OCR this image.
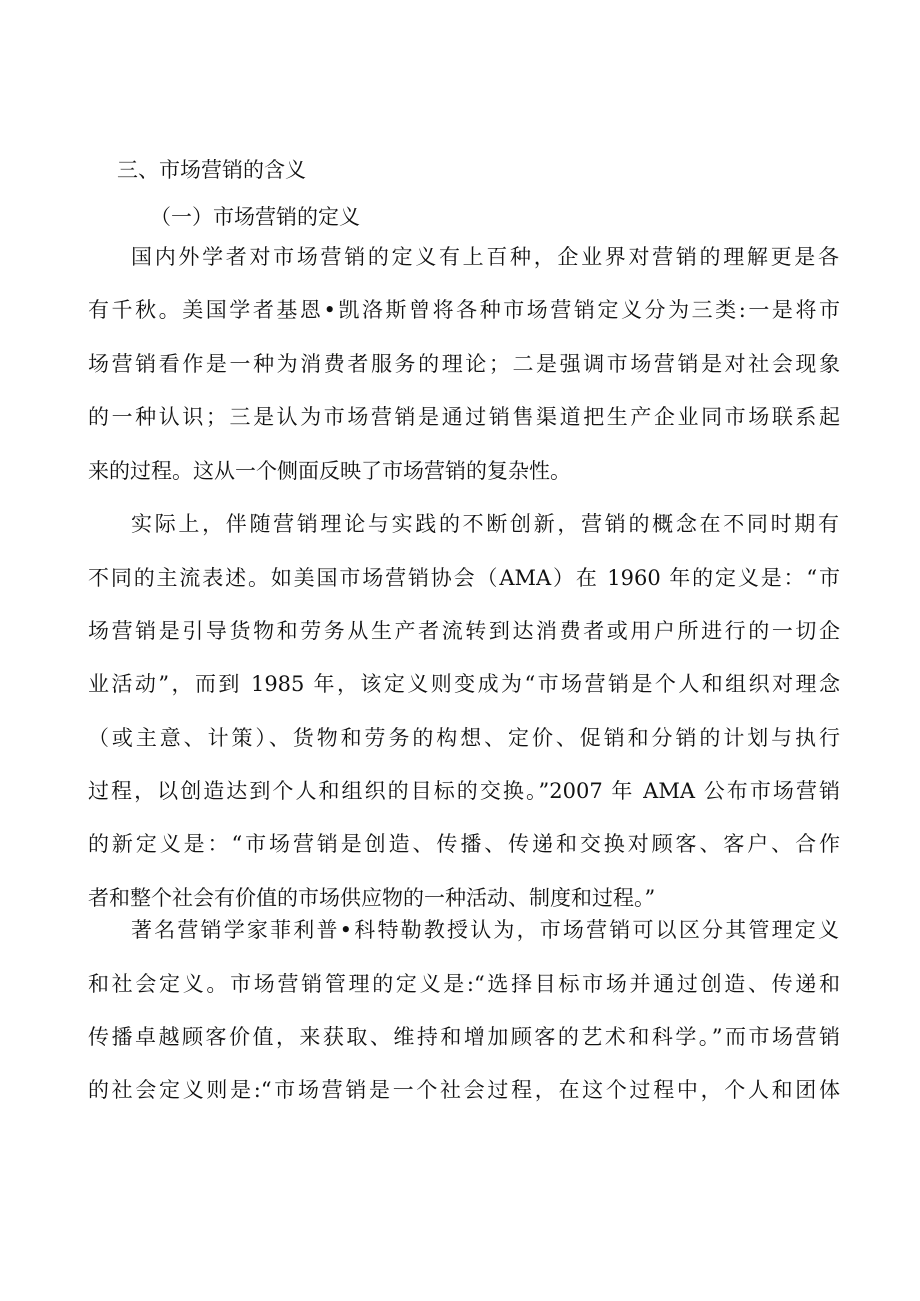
三、市场营销的含义
（一）市场营销的定义
国内外学者对市场营销的定义有上百种，企业界对营销的理解更是各
有千秋。美国学者基恩•凯洛斯曾将各种市场营销定义分为三类:一是将市
场营销看作是一种为消费者服务的理论；二是强调市场营销是对社会现象
的一种认识；三是认为市场营销是通过销售渠道把生产企业同市场联系起
来的过程。这从一个侧面反映了市场营销的复杂性。
实际上，伴随营销理论与实践的不断创新，营销的概念在不同时期有
不同的主流表述。如美国市场营销协会（AMA）在 1960 年的定义是：“市
场营销是引导货物和劳务从生产者流转到达消费者或用户所进行的一切企
业活动”，而到 1985 年，该定义则变成为“市场营销是个人和组织对理念
（或主意、计策）、货物和劳务的构想、定价、促销和分销的计划与执行
过程，以创造达到个人和组织的目标的交换。”2007 年 AMA 公布市场营销
的新定义是：“市场营销是创造、传播、传递和交换对顾客、客户、合作
者和整个社会有价值的市场供应物的一种活动、制度和过程。”
著名营销学家菲利普•科特勒教授认为，市场营销可以区分其管理定义
和社会定义。市场营销管理的定义是:“选择目标市场并通过创造、传递和
传播卓越顾客价值，来获取、维持和增加顾客的艺术和科学。”而市场营销
的社会定义则是:“市场营销是一个社会过程，在这个过程中，个人和团体
